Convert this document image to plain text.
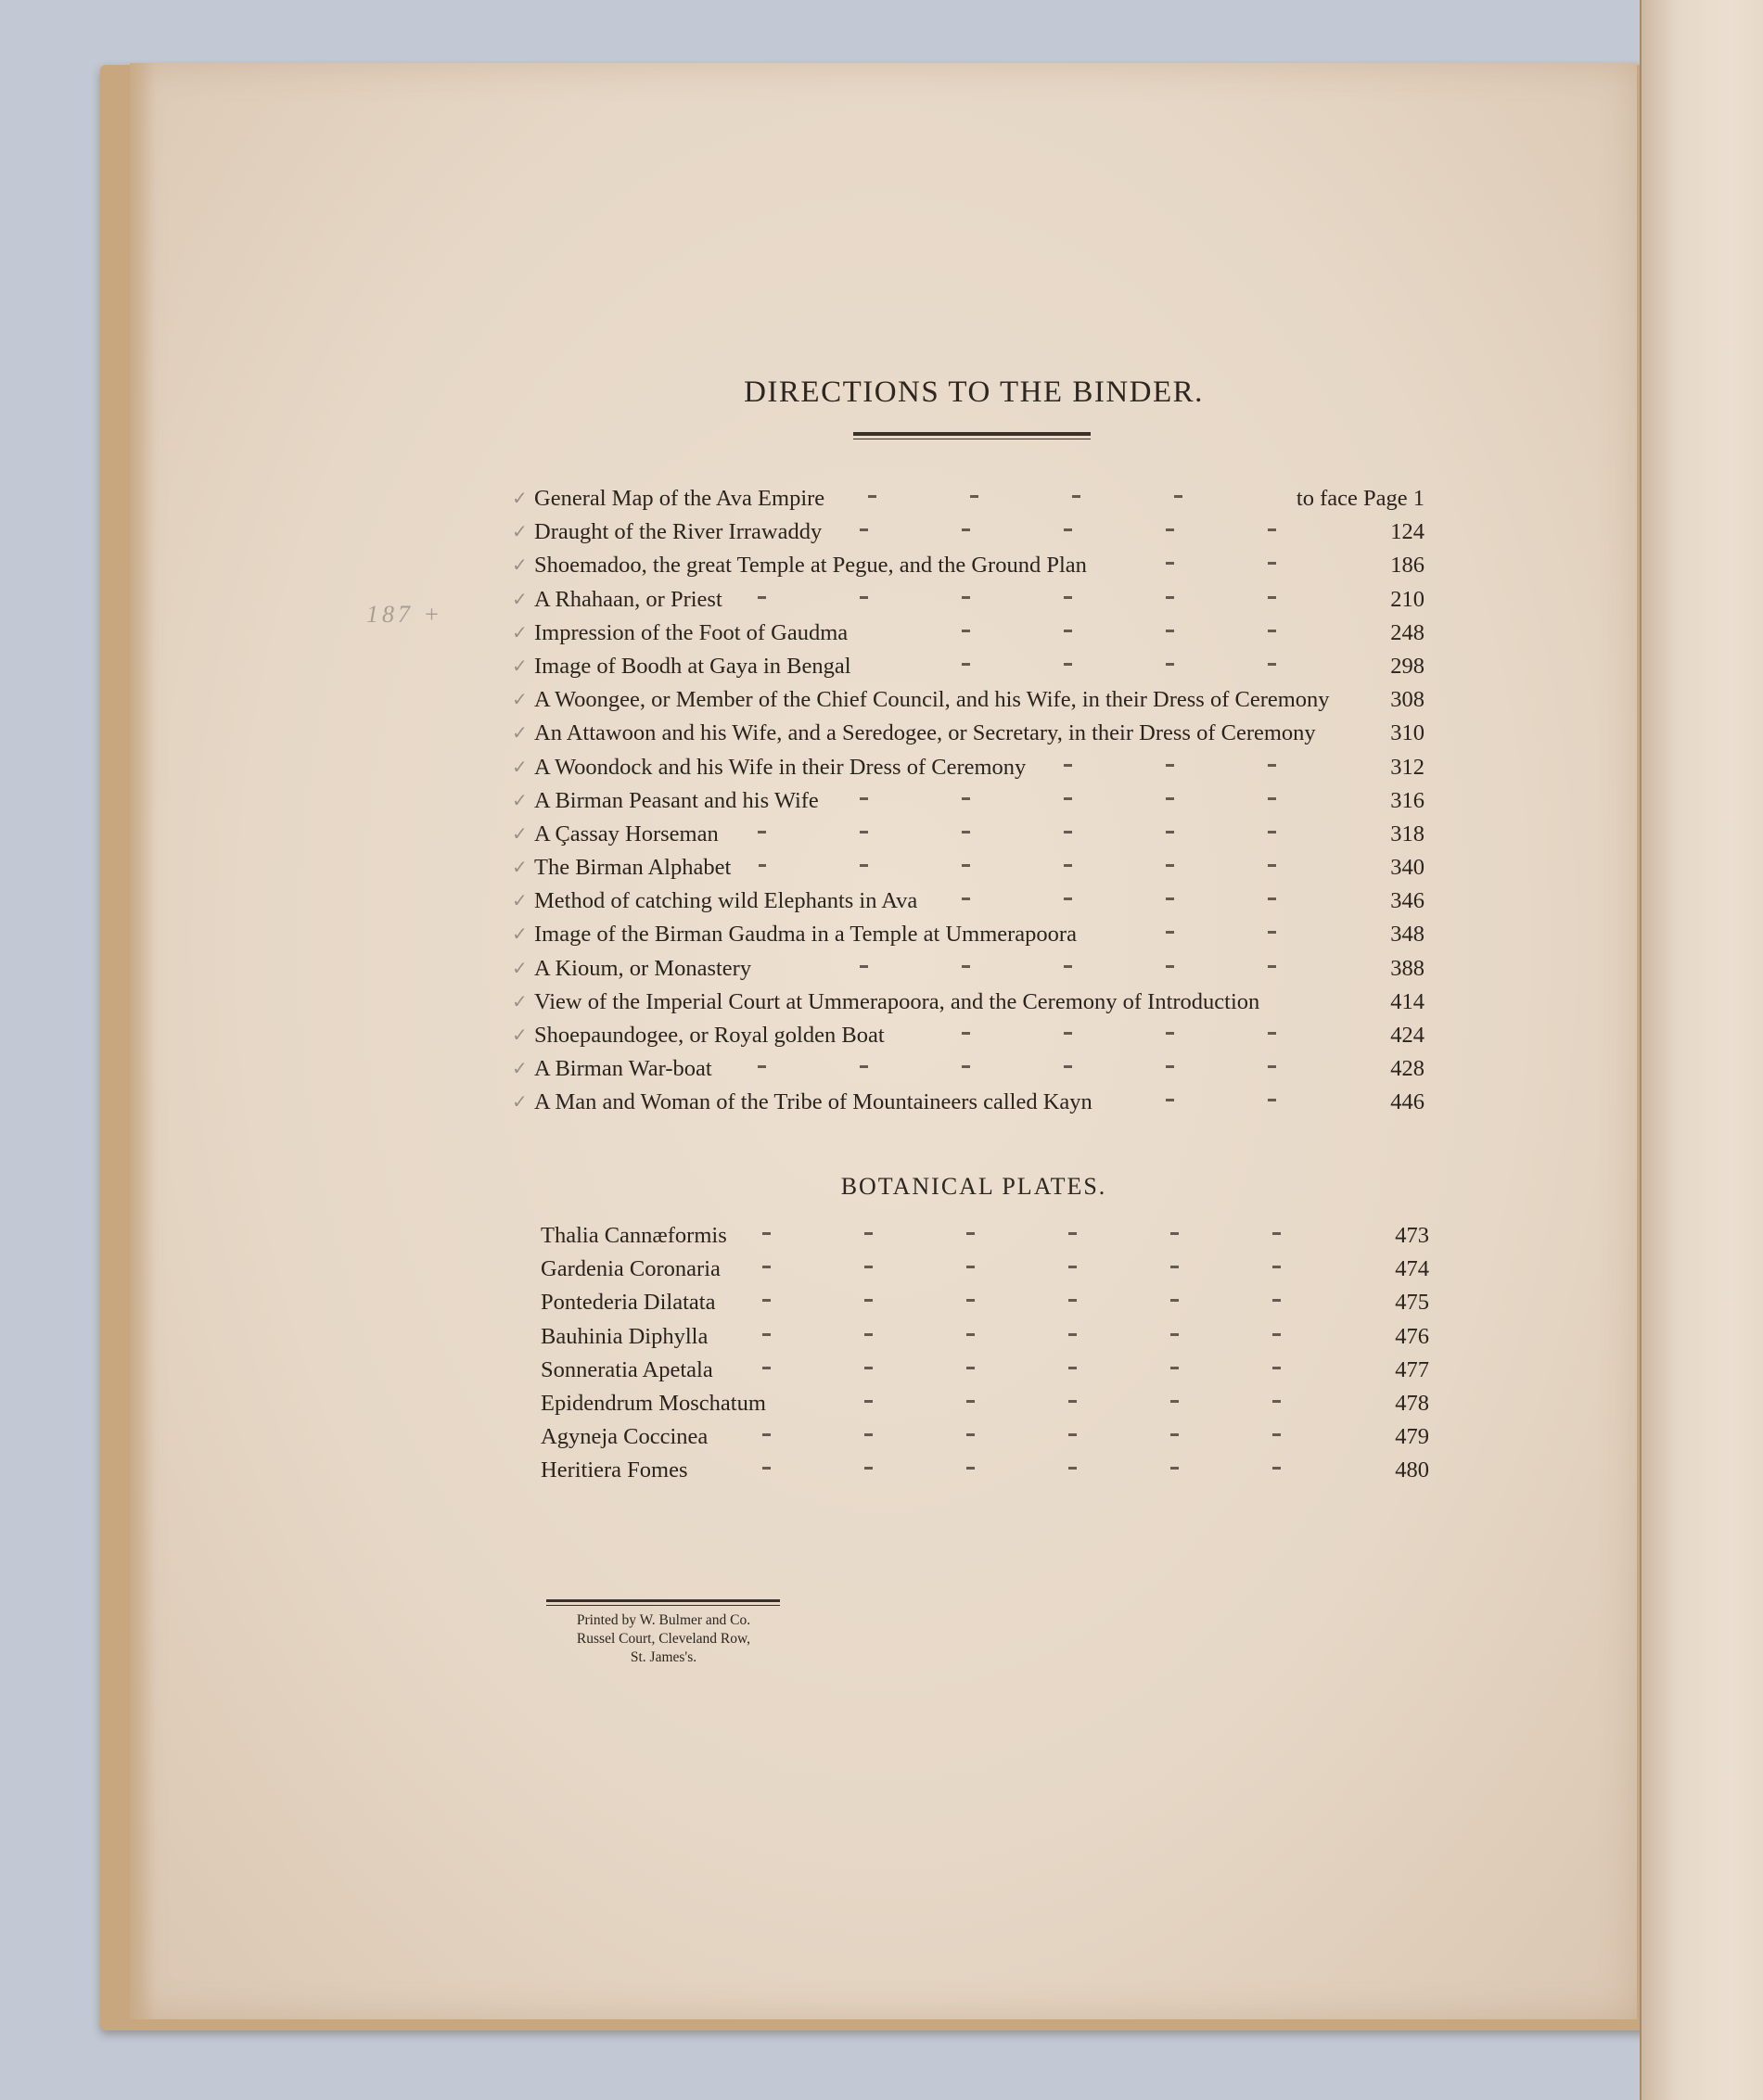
DIRECTIONS TO THE BINDER.
187 +
✓ General Map of the Ava Empire	to face Page 1
✓ Draught of the River Irrawaddy	124
✓ Shoemadoo, the great Temple at Pegue, and the Ground Plan	186
✓ A Rhahaan, or Priest	210
✓ Impression of the Foot of Gaudma	248
✓ Image of Boodh at Gaya in Bengal	298
✓ A Woongee, or Member of the Chief Council, and his Wife, in their Dress of Ceremony	308
✓ An Attawoon and his Wife, and a Seredogee, or Secretary, in their Dress of Ceremony	310
✓ A Woondock and his Wife in their Dress of Ceremony	312
✓ A Birman Peasant and his Wife	316
✓ A Çassay Horseman	318
✓ The Birman Alphabet	340
✓ Method of catching wild Elephants in Ava	346
✓ Image of the Birman Gaudma in a Temple at Ummerapoora	348
✓ A Kioum, or Monastery	388
✓ View of the Imperial Court at Ummerapoora, and the Ceremony of Introduction	414
✓ Shoepaundogee, or Royal golden Boat	424
✓ A Birman War-boat	428
✓ A Man and Woman of the Tribe of Mountaineers called Kayn	446
BOTANICAL PLATES.
Thalia Cannæformis	473
Gardenia Coronaria	474
Pontederia Dilatata	475
Bauhinia Diphylla	476
Sonneratia Apetala	477
Epidendrum Moschatum	478
Agyneja Coccinea	479
Heritiera Fomes	480
Printed by W. Bulmer and Co.
Russel Court, Cleveland Row,
St. James's.
